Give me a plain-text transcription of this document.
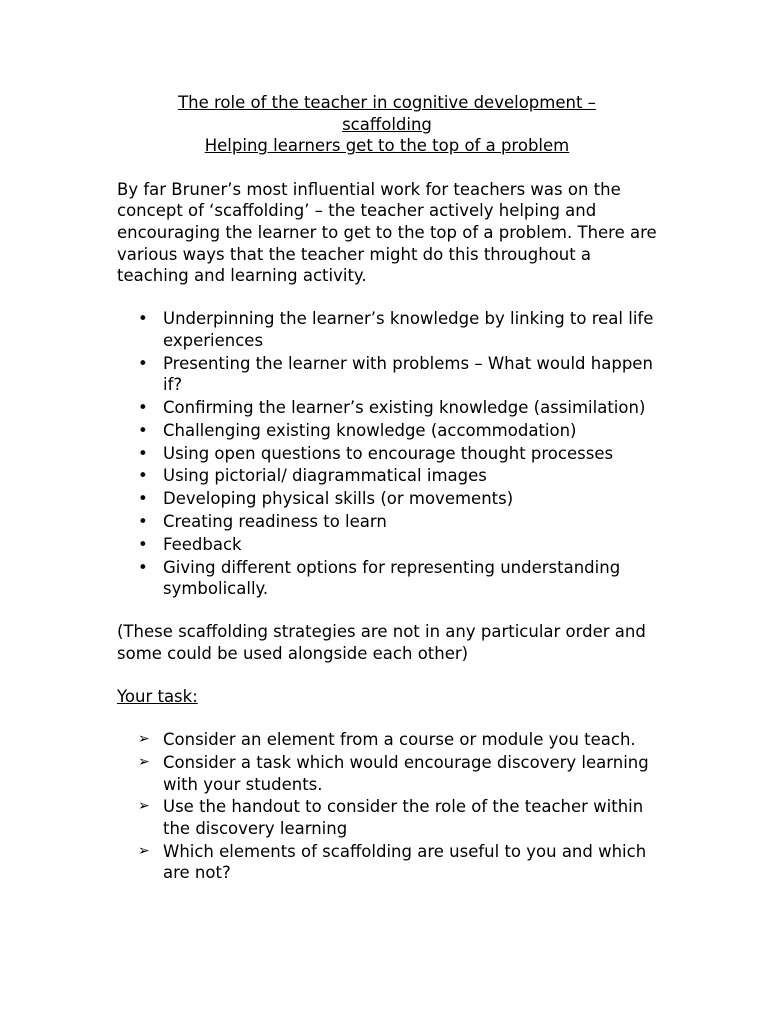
The role of the teacher in cognitive development –
scaffolding
Helping learners get to the top of a problem

By far Bruner’s most influential work for teachers was on the concept of ‘scaffolding’ – the teacher actively helping and encouraging the learner to get to the top of a problem. There are various ways that the teacher might do this throughout a teaching and learning activity.

• Underpinning the learner’s knowledge by linking to real life experiences
• Presenting the learner with problems – What would happen if?
• Confirming the learner’s existing knowledge (assimilation)
• Challenging existing knowledge (accommodation)
• Using open questions to encourage thought processes
• Using pictorial/ diagrammatical images
• Developing physical skills (or movements)
• Creating readiness to learn
• Feedback
• Giving different options for representing understanding symbolically.

(These scaffolding strategies are not in any particular order and some could be used alongside each other)

Your task:
➢ Consider an element from a course or module you teach.
➢ Consider a task which would encourage discovery learning with your students.
➢ Use the handout to consider the role of the teacher within the discovery learning
➢ Which elements of scaffolding are useful to you and which are not?
